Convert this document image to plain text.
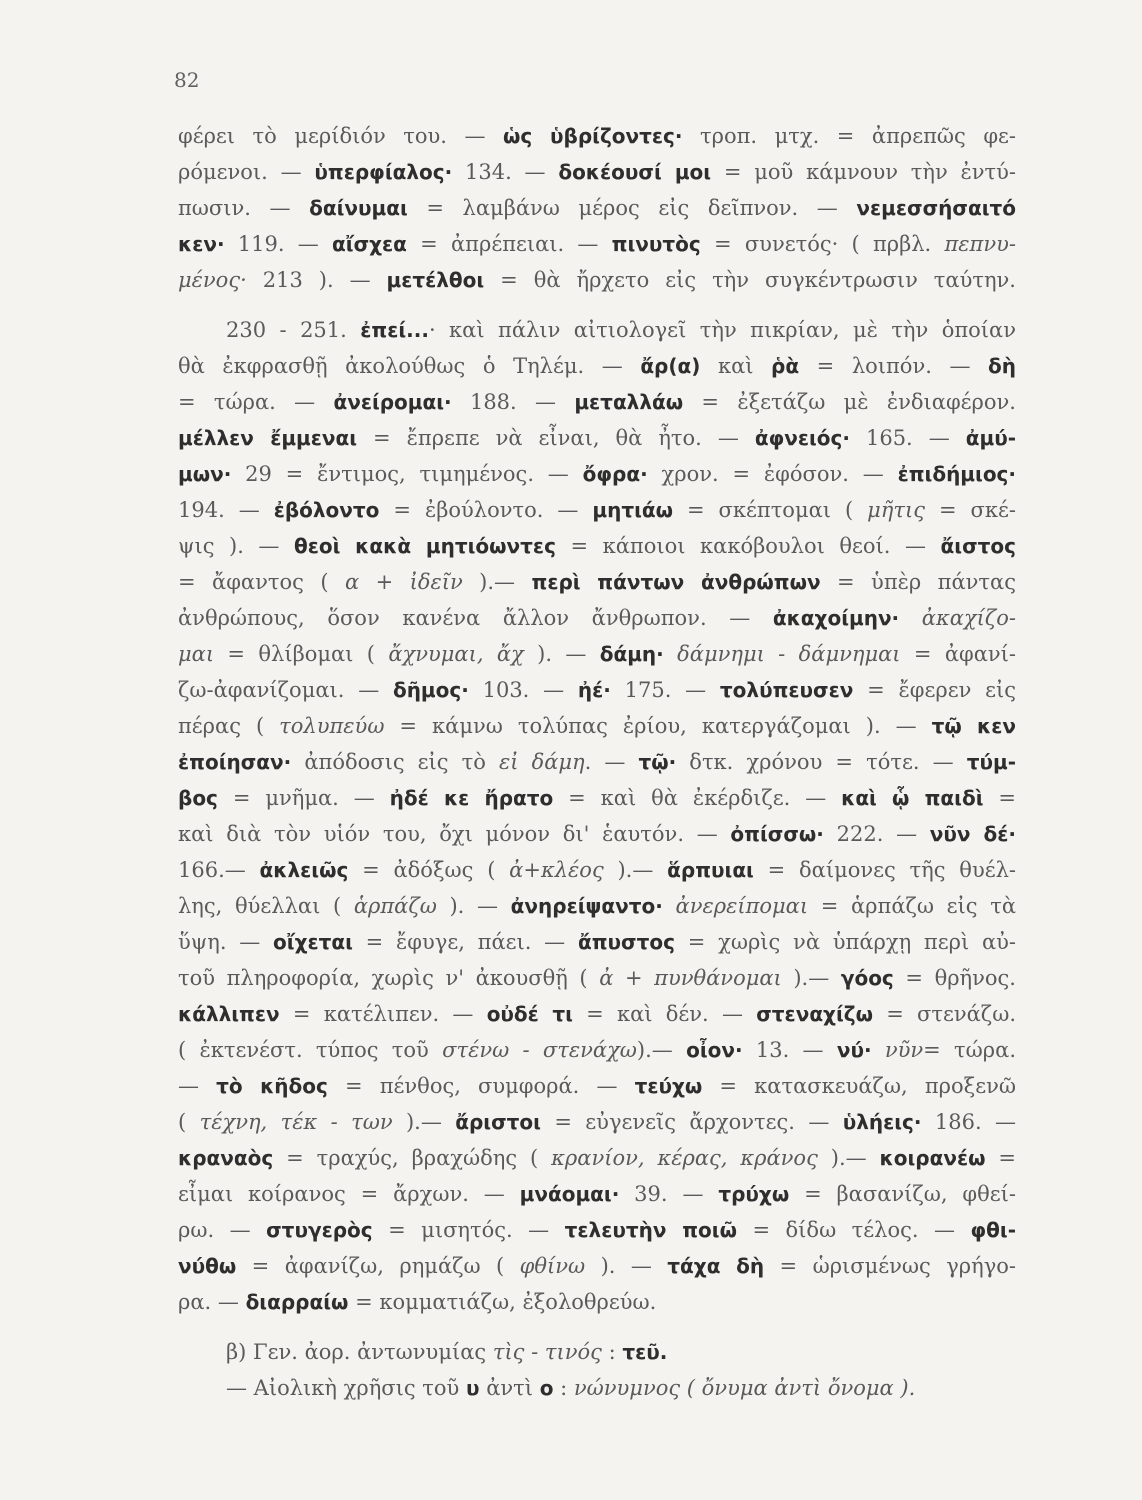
82
φέρει τὸ μερίδιόν του. — ὡς ὑβρίζοντες· τροπ. μτχ. = ἀπρεπῶς φε-
ρόμενοι. — ὑπερφίαλος· 134. — δοκέουσί μοι = μοῦ κάμνουν τὴν ἐντύ-
πωσιν. — δαίνυμαι = λαμβάνω μέρος εἰς δεῖπνον. — νεμεσσήσαιτό
κεν· 119. — αἴσχεα = ἀπρέπειαι. — πινυτὸς = συνετός· ( πρβλ. πεπνυ-
μένος· 213 ). — μετέλθοι = θὰ ἤρχετο εἰς τὴν συγκέντρωσιν ταύτην.
230 - 251. ἐπεί...· καὶ πάλιν αἰτιολογεῖ τὴν πικρίαν, μὲ τὴν ὁποίαν
θὰ ἐκφρασθῇ ἀκολούθως ὁ Τηλέμ. — ἄρ(α) καὶ ῥὰ = λοιπόν. — δὴ
= τώρα. — ἀνείρομαι· 188. — μεταλλάω = ἐξετάζω μὲ ἐνδιαφέρον.
μέλλεν ἔμμεναι = ἔπρεπε νὰ εἶναι, θὰ ἦτο. — ἀφνειός· 165. — ἀμύ-
μων· 29 = ἔντιμος, τιμημένος. — ὄφρα· χρον. = ἐφόσον. — ἐπιδήμιος·
194. — ἐβόλοντο = ἐβούλοντο. — μητιάω = σκέπτομαι ( μῆτις = σκέ-
ψις ). — θεοὶ κακὰ μητιόωντες = κάποιοι κακόβουλοι θεοί. — ἄιστος
= ἄφαντος ( α + ἰδεῖν ).— περὶ πάντων ἀνθρώπων = ὑπὲρ πάντας
ἀνθρώπους, ὅσον κανένα ἄλλον ἄνθρωπον. — ἀκαχοίμην· ἀκαχίζο-
μαι = θλίβομαι ( ἄχνυμαι, ἄχ ). — δάμη· δάμνημι - δάμνημαι = ἀφανί-
ζω-ἀφανίζομαι. — δῆμος· 103. — ἠέ· 175. — τολύπευσεν = ἔφερεν εἰς
πέρας ( τολυπεύω = κάμνω τολύπας ἐρίου, κατεργάζομαι ). — τῷ κεν
ἐποίησαν· ἀπόδοσις εἰς τὸ εἰ δάμη. — τῷ· δτκ. χρόνου = τότε. — τύμ-
βος = μνῆμα. — ἠδέ κε ἤρατο = καὶ θὰ ἐκέρδιζε. — καὶ ᾧ παιδὶ =
καὶ διὰ τὸν υἱόν του, ὄχι μόνον δι' ἑαυτόν. — ὀπίσσω· 222. — νῦν δέ·
166.— ἀκλειῶς = ἀδόξως ( ἀ+κλέος ).— ἅρπυιαι = δαίμονες τῆς θυέλ-
λης, θύελλαι ( ἁρπάζω ). — ἀνηρείψαντο· ἀνερείπομαι = ἁρπάζω εἰς τὰ
ὕψη. — οἴχεται = ἔφυγε, πάει. — ἄπυστος = χωρὶς νὰ ὑπάρχῃ περὶ αὐ-
τοῦ πληροφορία, χωρὶς ν' ἀκουσθῇ ( ἀ + πυνθάνομαι ).— γόος = θρῆνος.
κάλλιπεν = κατέλιπεν. — οὐδέ τι = καὶ δέν. — στεναχίζω = στενάζω.
( ἐκτενέστ. τύπος τοῦ στένω - στενάχω).— οἶον· 13. — νύ· νῦν= τώρα.
— τὸ κῆδος = πένθος, συμφορά. — τεύχω = κατασκευάζω, προξενῶ
( τέχνη, τέκ - των ).— ἄριστοι = εὐγενεῖς ἄρχοντες. — ὑλήεις· 186. —
κραναὸς = τραχύς, βραχώδης ( κρανίον, κέρας, κράνος ).— κοιρανέω =
εἶμαι κοίρανος = ἄρχων. — μνάομαι· 39. — τρύχω = βασανίζω, φθεί-
ρω. — στυγερὸς = μισητός. — τελευτὴν ποιῶ = δίδω τέλος. — φθι-
νύθω = ἀφανίζω, ρημάζω ( φθίνω ). — τάχα δὴ = ὡρισμένως γρήγο-
ρα. — διαρραίω = κομματιάζω, ἐξολοθρεύω.
β) Γεν. ἀορ. ἀντωνυμίας τὶς - τινός : τεῦ.
— Αἰολικὴ χρῆσις τοῦ υ ἀντὶ ο : νώνυμνος ( ὄνυμα ἀντὶ ὄνομα ).
